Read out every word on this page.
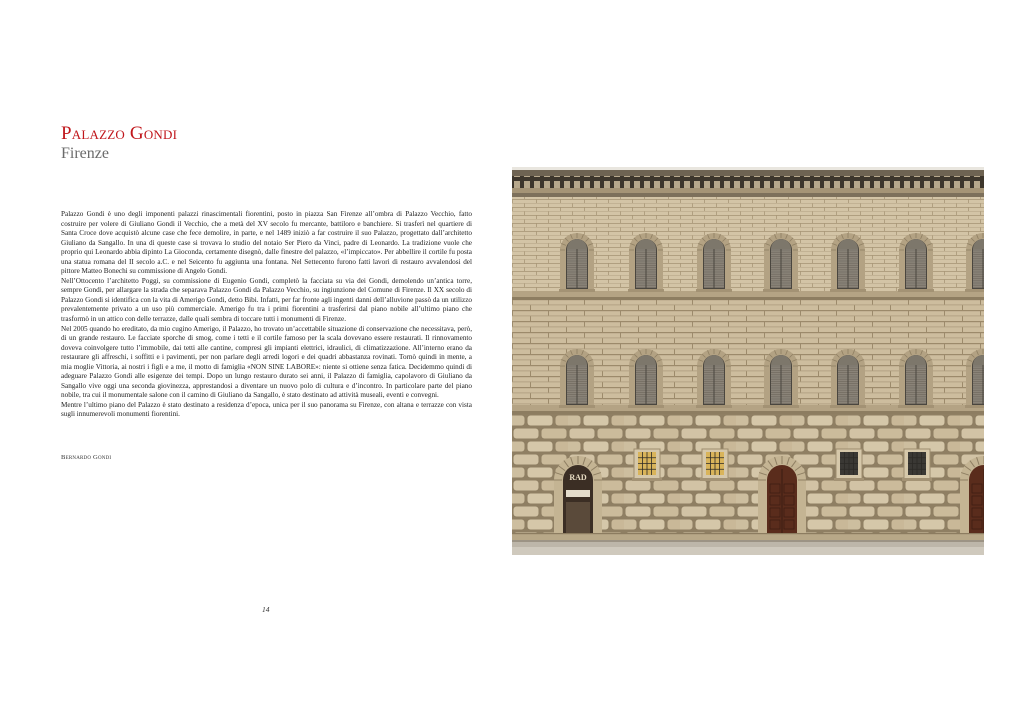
Palazzo Gondi
Firenze

Palazzo Gondi è uno degli imponenti palazzi rinascimentali fiorentini, posto in piazza San Firenze all’ombra di Palazzo Vecchio, fatto costruire per volere di Giuliano Gondi il Vecchio, che a metà del XV secolo fu mercante, battiloro e banchiere. Si trasferì nel quartiere di Santa Croce dove acquistò alcune case che fece demolire, in parte, e nel 1489 iniziò a far costruire il suo Palazzo, progettato dall’architetto Giuliano da Sangallo. In una di queste case si trovava lo studio del notaio Ser Piero da Vinci, padre di Leonardo. La tradizione vuole che proprio qui Leonardo abbia dipinto La Gioconda, certamente disegnò, dalle finestre del palazzo, «l’impiccato». Per abbellire il cortile fu posta una statua romana del II secolo a.C. e nel Seicento fu aggiunta una fontana. Nel Settecento furono fatti lavori di restauro avvalendosi del pittore Matteo Bonechi su commissione di Angelo Gondi.

Nell’Ottocento l’architetto Poggi, su commissione di Eugenio Gondi, completò la facciata su via dei Gondi, demolendo un’antica torre, sempre Gondi, per allargare la strada che separava Palazzo Gondi da Palazzo Vecchio, su ingiunzione del Comune di Firenze. Il XX secolo di Palazzo Gondi si identifica con la vita di Amerigo Gondi, detto Bibi. Infatti, per far fronte agli ingenti danni dell’alluvione passò da un utilizzo prevalentemente privato a un uso più commerciale. Amerigo fu tra i primi fiorentini a trasferirsi dal piano nobile all’ultimo piano che trasformò in un attico con delle terrazze, dalle quali sembra di toccare tutti i monumenti di Firenze.

Nel 2005 quando ho ereditato, da mio cugino Amerigo, il Palazzo, ho trovato un’accettabile situazione di conservazione che necessitava, però, di un grande restauro. Le facciate sporche di smog, come i tetti e il cortile famoso per la scala dovevano essere restaurati. Il rinnovamento doveva coinvolgere tutto l’immobile, dai tetti alle cantine, compresi gli impianti elettrici, idraulici, di climatizzazione. All’interno erano da restaurare gli affreschi, i soffitti e i pavimenti, per non parlare degli arredi logori e dei quadri abbastanza rovinati. Tornò quindi in mente, a mia moglie Vittoria, ai nostri i figli e a me, il motto di famiglia «NON SINE LABORE»: niente si ottiene senza fatica. Decidemmo quindi di adeguare Palazzo Gondi alle esigenze dei tempi. Dopo un lungo restauro durato sei anni, il Palazzo di famiglia, capolavoro di Giuliano da Sangallo vive oggi una seconda giovinezza, apprestandosi a diventare un nuovo polo di cultura e d’incontro. In particolare parte del piano nobile, tra cui il monumentale salone con il camino di Giuliano da Sangallo, è stato destinato ad attività museali, eventi e convegni.

Mentre l’ultimo piano del Palazzo è stato destinato a residenza d’epoca, unica per il suo panorama su Firenze, con altana e terrazze con vista sugli innumerevoli monumenti fiorentini.

Bernardo Gondi
14
RAD
